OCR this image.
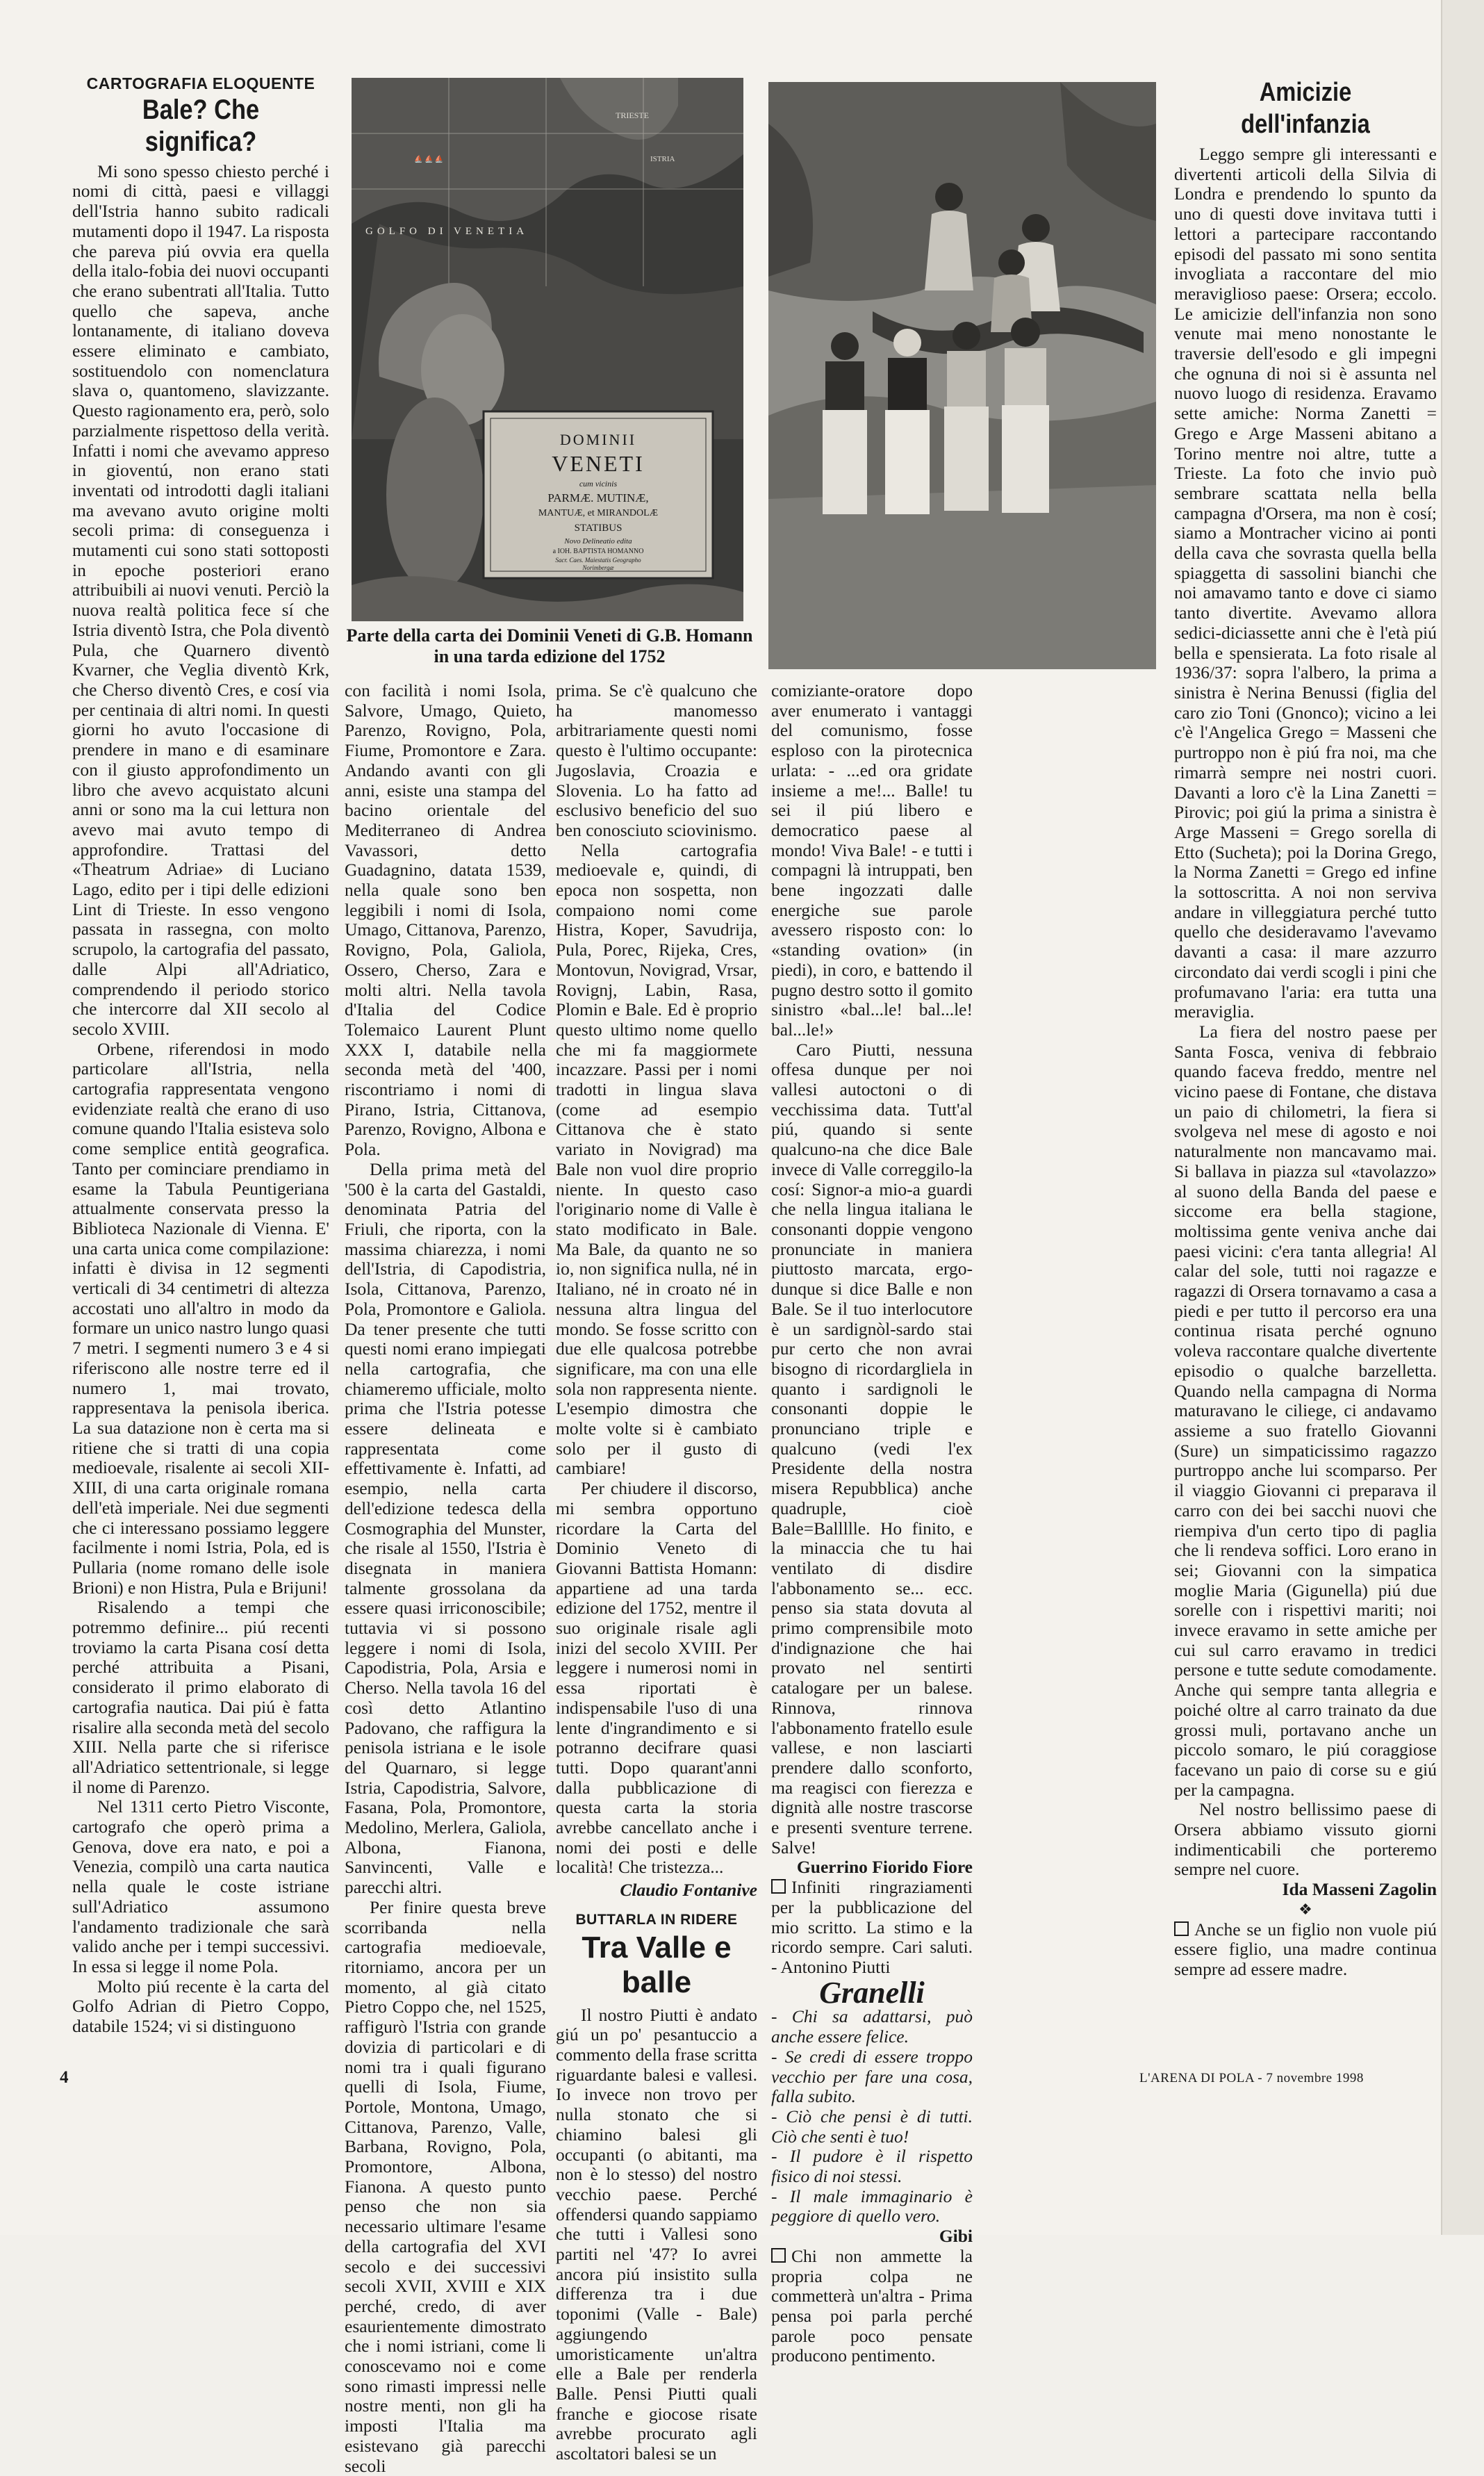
CARTOGRAFIA ELOQUENTE
Bale? Che significa?

Mi sono spesso chiesto perché i nomi di città, paesi e villaggi dell'Istria hanno subito radicali mutamenti dopo il 1947. La risposta che pareva piú ovvia era quella della italo-fobia dei nuovi occupanti che erano subentrati all'Italia. Tutto quello che sapeva, anche lontanamente, di italiano doveva essere eliminato e cambiato, sostituendolo con nomenclatura slava o, quantomeno, slavizzante. Questo ragionamento era, però, solo parzialmente rispettoso della verità. Infatti i nomi che avevamo appreso in gioventú, non erano stati inventati od introdotti dagli italiani ma avevano avuto origine molti secoli prima: di conseguenza i mutamenti cui sono stati sottoposti in epoche posteriori erano attribuibili ai nuovi venuti. Perciò la nuova realtà politica fece sí che Istria diventò Istra, che Pola diventò Pula, che Quarnero diventò Kvarner, che Veglia diventò Krk, che Cherso diventò Cres, e cosí via per centinaia di altri nomi. In questi giorni ho avuto l'occasione di prendere in mano e di esaminare con il giusto approfondimento un libro che avevo acquistato alcuni anni or sono ma la cui lettura non avevo mai avuto tempo di approfondire. Trattasi del «Theatrum Adriae» di Luciano Lago, edito per i tipi delle edizioni Lint di Trieste. In esso vengono passata in rassegna, con molto scrupolo, la cartografia del passato, dalle Alpi all'Adriatico, comprendendo il periodo storico che intercorre dal XII secolo al secolo XVIII.

Orbene, riferendosi in modo particolare all'Istria, nella cartografia rappresentata vengono evidenziate realtà che erano di uso comune quando l'Italia esisteva solo come semplice entità geografica. Tanto per cominciare prendiamo in esame la Tabula Peuntigeriana attualmente conservata presso la Biblioteca Nazionale di Vienna. E' una carta unica come compilazione: infatti è divisa in 12 segmenti verticali di 34 centimetri di altezza accostati uno all'altro in modo da formare un unico nastro lungo quasi 7 metri. I segmenti numero 3 e 4 si riferiscono alle nostre terre ed il numero 1, mai trovato, rappresentava la penisola iberica. La sua datazione non è certa ma si ritiene che si tratti di una copia medioevale, risalente ai secoli XII-XIII, di una carta originale romana dell'età imperiale. Nei due segmenti che ci interessano possiamo leggere facilmente i nomi Istria, Pola, ed is Pullaria (nome romano delle isole Brioni) e non Histra, Pula e Brijuni!

Risalendo a tempi che potremmo definire... piú recenti troviamo la carta Pisana cosí detta perché attribuita a Pisani, considerato il primo elaborato di cartografia nautica. Dai piú è fatta risalire alla seconda metà del secolo XIII. Nella parte che si riferisce all'Adriatico settentrionale, si legge il nome di Parenzo.

Nel 1311 certo Pietro Visconte, cartografo che operò prima a Genova, dove era nato, e poi a Venezia, compilò una carta nautica nella quale le coste istriane sull'Adriatico assumono l'andamento tradizionale che sarà valido anche per i tempi successivi. In essa si legge il nome Pola.

Molto piú recente è la carta del Golfo Adrian di Pietro Coppo, databile 1524; vi si distinguono

TRIESTE
ISTRIA
⛵ ⛵ ⛵
GOLFO DI VENETIA
DOMINII
VENETI
cum vicinis
PARMÆ. MUTINÆ,
MANTUÆ, et MIRANDOLÆ
STATIBUS
Novo Delineatio edita
a IOH. BAPTISTA HOMANNO
Sacr. Caes. Maiestatis Geographo
Norimbergæ
Parte della carta dei Dominii Veneti di G.B. Homann in una tarda edizione del 1752

con facilità i nomi Isola, Salvore, Umago, Quieto, Parenzo, Rovigno, Pola, Fiume, Promontore e Zara. Andando avanti con gli anni, esiste una stampa del bacino orientale del Mediterraneo di Andrea Vavassori, detto Guadagnino, datata 1539, nella quale sono ben leggibili i nomi di Isola, Umago, Cittanova, Parenzo, Rovigno, Pola, Galiola, Ossero, Cherso, Zara e molti altri. Nella tavola d'Italia del Codice Tolemaico Laurent Plunt XXX I, databile nella seconda metà del '400, riscontriamo i nomi di Pirano, Istria, Cittanova, Parenzo, Rovigno, Albona e Pola.

Della prima metà del '500 è la carta del Gastaldi, denominata Patria del Friuli, che riporta, con la massima chiarezza, i nomi dell'Istria, di Capodistria, Isola, Cittanova, Parenzo, Pola, Promontore e Galiola. Da tener presente che tutti questi nomi erano impiegati nella cartografia, che chiameremo ufficiale, molto prima che l'Istria potesse essere delineata e rappresentata come effettivamente è. Infatti, ad esempio, nella carta dell'edizione tedesca della Cosmographia del Munster, che risale al 1550, l'Istria è disegnata in maniera talmente grossolana da essere quasi irriconoscibile; tuttavia vi si possono leggere i nomi di Isola, Capodistria, Pola, Arsia e Cherso. Nella tavola 16 del così detto Atlantino Padovano, che raffigura la penisola istriana e le isole del Quarnaro, si legge Istria, Capodistria, Salvore, Fasana, Pola, Promontore, Medolino, Merlera, Galiola, Albona, Fianona, Sanvincenti, Valle e parecchi altri.

Per finire questa breve scorribanda nella cartografia medioevale, ritorniamo, ancora per un momento, al già citato Pietro Coppo che, nel 1525, raffigurò l'Istria con grande dovizia di particolari e di nomi tra i quali figurano quelli di Isola, Fiume, Portole, Montona, Umago, Cittanova, Parenzo, Valle, Barbana, Rovigno, Pola, Promontore, Albona, Fianona. A questo punto penso che non sia necessario ultimare l'esame della cartografia del XVI secolo e dei successivi secoli XVII, XVIII e XIX perché, credo, di aver esaurientemente dimostrato che i nomi istriani, come li conoscevamo noi e come sono rimasti impressi nelle nostre menti, non gli ha imposti l'Italia ma esistevano già parecchi secoli

prima. Se c'è qualcuno che ha manomesso arbitrariamente questi nomi questo è l'ultimo occupante: Jugoslavia, Croazia e Slovenia. Lo ha fatto ad esclusivo beneficio del suo ben conosciuto sciovinismo.

Nella cartografia medioevale e, quindi, di epoca non sospetta, non compaiono nomi come Histra, Koper, Savudrija, Pula, Porec, Rijeka, Cres, Montovun, Novigrad, Vrsar, Rovignj, Labin, Rasa, Plomin e Bale. Ed è proprio questo ultimo nome quello che mi fa maggiormete incazzare. Passi per i nomi tradotti in lingua slava (come ad esempio Cittanova che è stato variato in Novigrad) ma Bale non vuol dire proprio niente. In questo caso l'originario nome di Valle è stato modificato in Bale. Ma Bale, da quanto ne so io, non significa nulla, né in Italiano, né in croato né in nessuna altra lingua del mondo. Se fosse scritto con due elle qualcosa potrebbe significare, ma con una elle sola non rappresenta niente. L'esempio dimostra che molte volte si è cambiato solo per il gusto di cambiare!

Per chiudere il discorso, mi sembra opportuno ricordare la Carta del Dominio Veneto di Giovanni Battista Homann: appartiene ad una tarda edizione del 1752, mentre il suo originale risale agli inizi del secolo XVIII. Per leggere i numerosi nomi in essa riportati è indispensabile l'uso di una lente d'ingrandimento e si potranno decifrare quasi tutti. Dopo quarant'anni dalla pubblicazione di questa carta la storia avrebbe cancellato anche i nomi dei posti e delle località! Che tristezza...

Claudio Fontanive

BUTTARLA IN RIDERE
Tra Valle e balle

Il nostro Piutti è andato giú un po' pesantuccio a commento della frase scritta riguardante balesi e vallesi. Io invece non trovo per nulla stonato che si chiamino balesi gli occupanti (o abitanti, ma non è lo stesso) del nostro vecchio paese. Perché offendersi quando sappiamo che tutti i Vallesi sono partiti nel '47? Io avrei ancora piú insistito sulla differenza tra i due toponimi (Valle - Bale) aggiungendo umoristicamente un'altra elle a Bale per renderla Balle. Pensi Piutti quali franche e giocose risate avrebbe procurato agli ascoltatori balesi se un

comiziante-oratore dopo aver enumerato i vantaggi del comunismo, fosse esploso con la pirotecnica urlata: - ...ed ora gridate insieme a me!... Balle! tu sei il piú libero e democratico paese al mondo! Viva Bale! - e tutti i compagni là intruppati, ben bene ingozzati dalle energiche sue parole avessero risposto con: lo «standing ovation» (in piedi), in coro, e battendo il pugno destro sotto il gomito sinistro «bal...le! bal...le! bal...le!»

Caro Piutti, nessuna offesa dunque per noi vallesi autoctoni o di vecchissima data. Tutt'al piú, quando si sente qualcuno-na che dice Bale invece di Valle correggilo-la cosí: Signor-a mio-a guardi che nella lingua italiana le consonanti doppie vengono pronunciate in maniera piuttosto marcata, ergo-dunque si dice Balle e non Bale. Se il tuo interlocutore è un sardignòl-sardo stai pur certo che non avrai bisogno di ricordargliela in quanto i sardignoli le consonanti doppie le pronunciano triple e qualcuno (vedi l'ex Presidente della nostra misera Repubblica) anche quadruple, cioè Bale=Ballllle. Ho finito, e la minaccia che tu hai ventilato di disdire l'abbonamento se... ecc. penso sia stata dovuta al primo comprensibile moto d'indignazione che hai provato nel sentirti catalogare per un balese. Rinnova, rinnova l'abbonamento fratello esule vallese, e non lasciarti prendere dallo sconforto, ma reagisci con fierezza e dignità alle nostre trascorse e presenti sventure terrene. Salve!

Guerrino Fiorido Fiore

Infiniti ringraziamenti per la pubblicazione del mio scritto. La stimo e la ricordo sempre. Cari saluti. - Antonino Piutti

Granelli

- Chi sa adattarsi, può anche essere felice.

- Se credi di essere troppo vecchio per fare una cosa, falla subito.

- Ciò che pensi è di tutti. Ciò che senti è tuo!

- Il pudore è il rispetto fisico di noi stessi.

- Il male immaginario è peggiore di quello vero.

Gibi

Chi non ammette la propria colpa ne commetterà un'altra - Prima pensa poi parla perché parole poco pensate producono pentimento.

Amicizie dell'infanzia

Leggo sempre gli interessanti e divertenti articoli della Silvia di Londra e prendendo lo spunto da uno di questi dove invitava tutti i lettori a partecipare raccontando episodi del passato mi sono sentita invogliata a raccontare del mio meraviglioso paese: Orsera; eccolo. Le amicizie dell'infanzia non sono venute mai meno nonostante le traversie dell'esodo e gli impegni che ognuna di noi si è assunta nel nuovo luogo di residenza. Eravamo sette amiche: Norma Zanetti = Grego e Arge Masseni abitano a Torino mentre noi altre, tutte a Trieste. La foto che invio può sembrare scattata nella bella campagna d'Orsera, ma non è cosí; siamo a Montracher vicino ai ponti della cava che sovrasta quella bella spiaggetta di sassolini bianchi che noi amavamo tanto e dove ci siamo tanto divertite. Avevamo allora sedici-diciassette anni che è l'età piú bella e spensierata. La foto risale al 1936/37: sopra l'albero, la prima a sinistra è Nerina Benussi (figlia del caro zio Toni (Gnonco); vicino a lei c'è l'Angelica Grego = Masseni che purtroppo non è piú fra noi, ma che rimarrà sempre nei nostri cuori. Davanti a loro c'è la Lina Zanetti = Pirovic; poi giú la prima a sinistra è Arge Masseni = Grego sorella di Etto (Sucheta); poi la Dorina Grego, la Norma Zanetti = Grego ed infine la sottoscritta. A noi non serviva andare in villeggiatura perché tutto quello che desideravamo l'avevamo davanti a casa: il mare azzurro circondato dai verdi scogli i pini che profumavano l'aria: era tutta una meraviglia.

La fiera del nostro paese per Santa Fosca, veniva di febbraio quando faceva freddo, mentre nel vicino paese di Fontane, che distava un paio di chilometri, la fiera si svolgeva nel mese di agosto e noi naturalmente non mancavamo mai. Si ballava in piazza sul «tavolazzo» al suono della Banda del paese e siccome era bella stagione, moltissima gente veniva anche dai paesi vicini: c'era tanta allegria! Al calar del sole, tutti noi ragazze e ragazzi di Orsera tornavamo a casa a piedi e per tutto il percorso era una continua risata perché ognuno voleva raccontare qualche divertente episodio o qualche barzelletta. Quando nella campagna di Norma maturavano le ciliege, ci andavamo assieme a suo fratello Giovanni (Sure) un simpaticissimo ragazzo purtroppo anche lui scomparso. Per il viaggio Giovanni ci preparava il carro con dei bei sacchi nuovi che riempiva d'un certo tipo di paglia che li rendeva soffici. Loro erano in sei; Giovanni con la simpatica moglie Maria (Gigunella) piú due sorelle con i rispettivi mariti; noi invece eravamo in sette amiche per cui sul carro eravamo in tredici persone e tutte sedute comodamente. Anche qui sempre tanta allegria e poiché oltre al carro trainato da due grossi muli, portavano anche un piccolo somaro, le piú coraggiose facevano un paio di corse su e giú per la campagna.

Nel nostro bellissimo paese di Orsera abbiamo vissuto giorni indimenticabili che porteremo sempre nel cuore.

Ida Masseni Zagolin

❖

Anche se un figlio non vuole piú essere figlio, una madre continua sempre ad essere madre.

4	L'ARENA DI POLA - 7 novembre 1998
